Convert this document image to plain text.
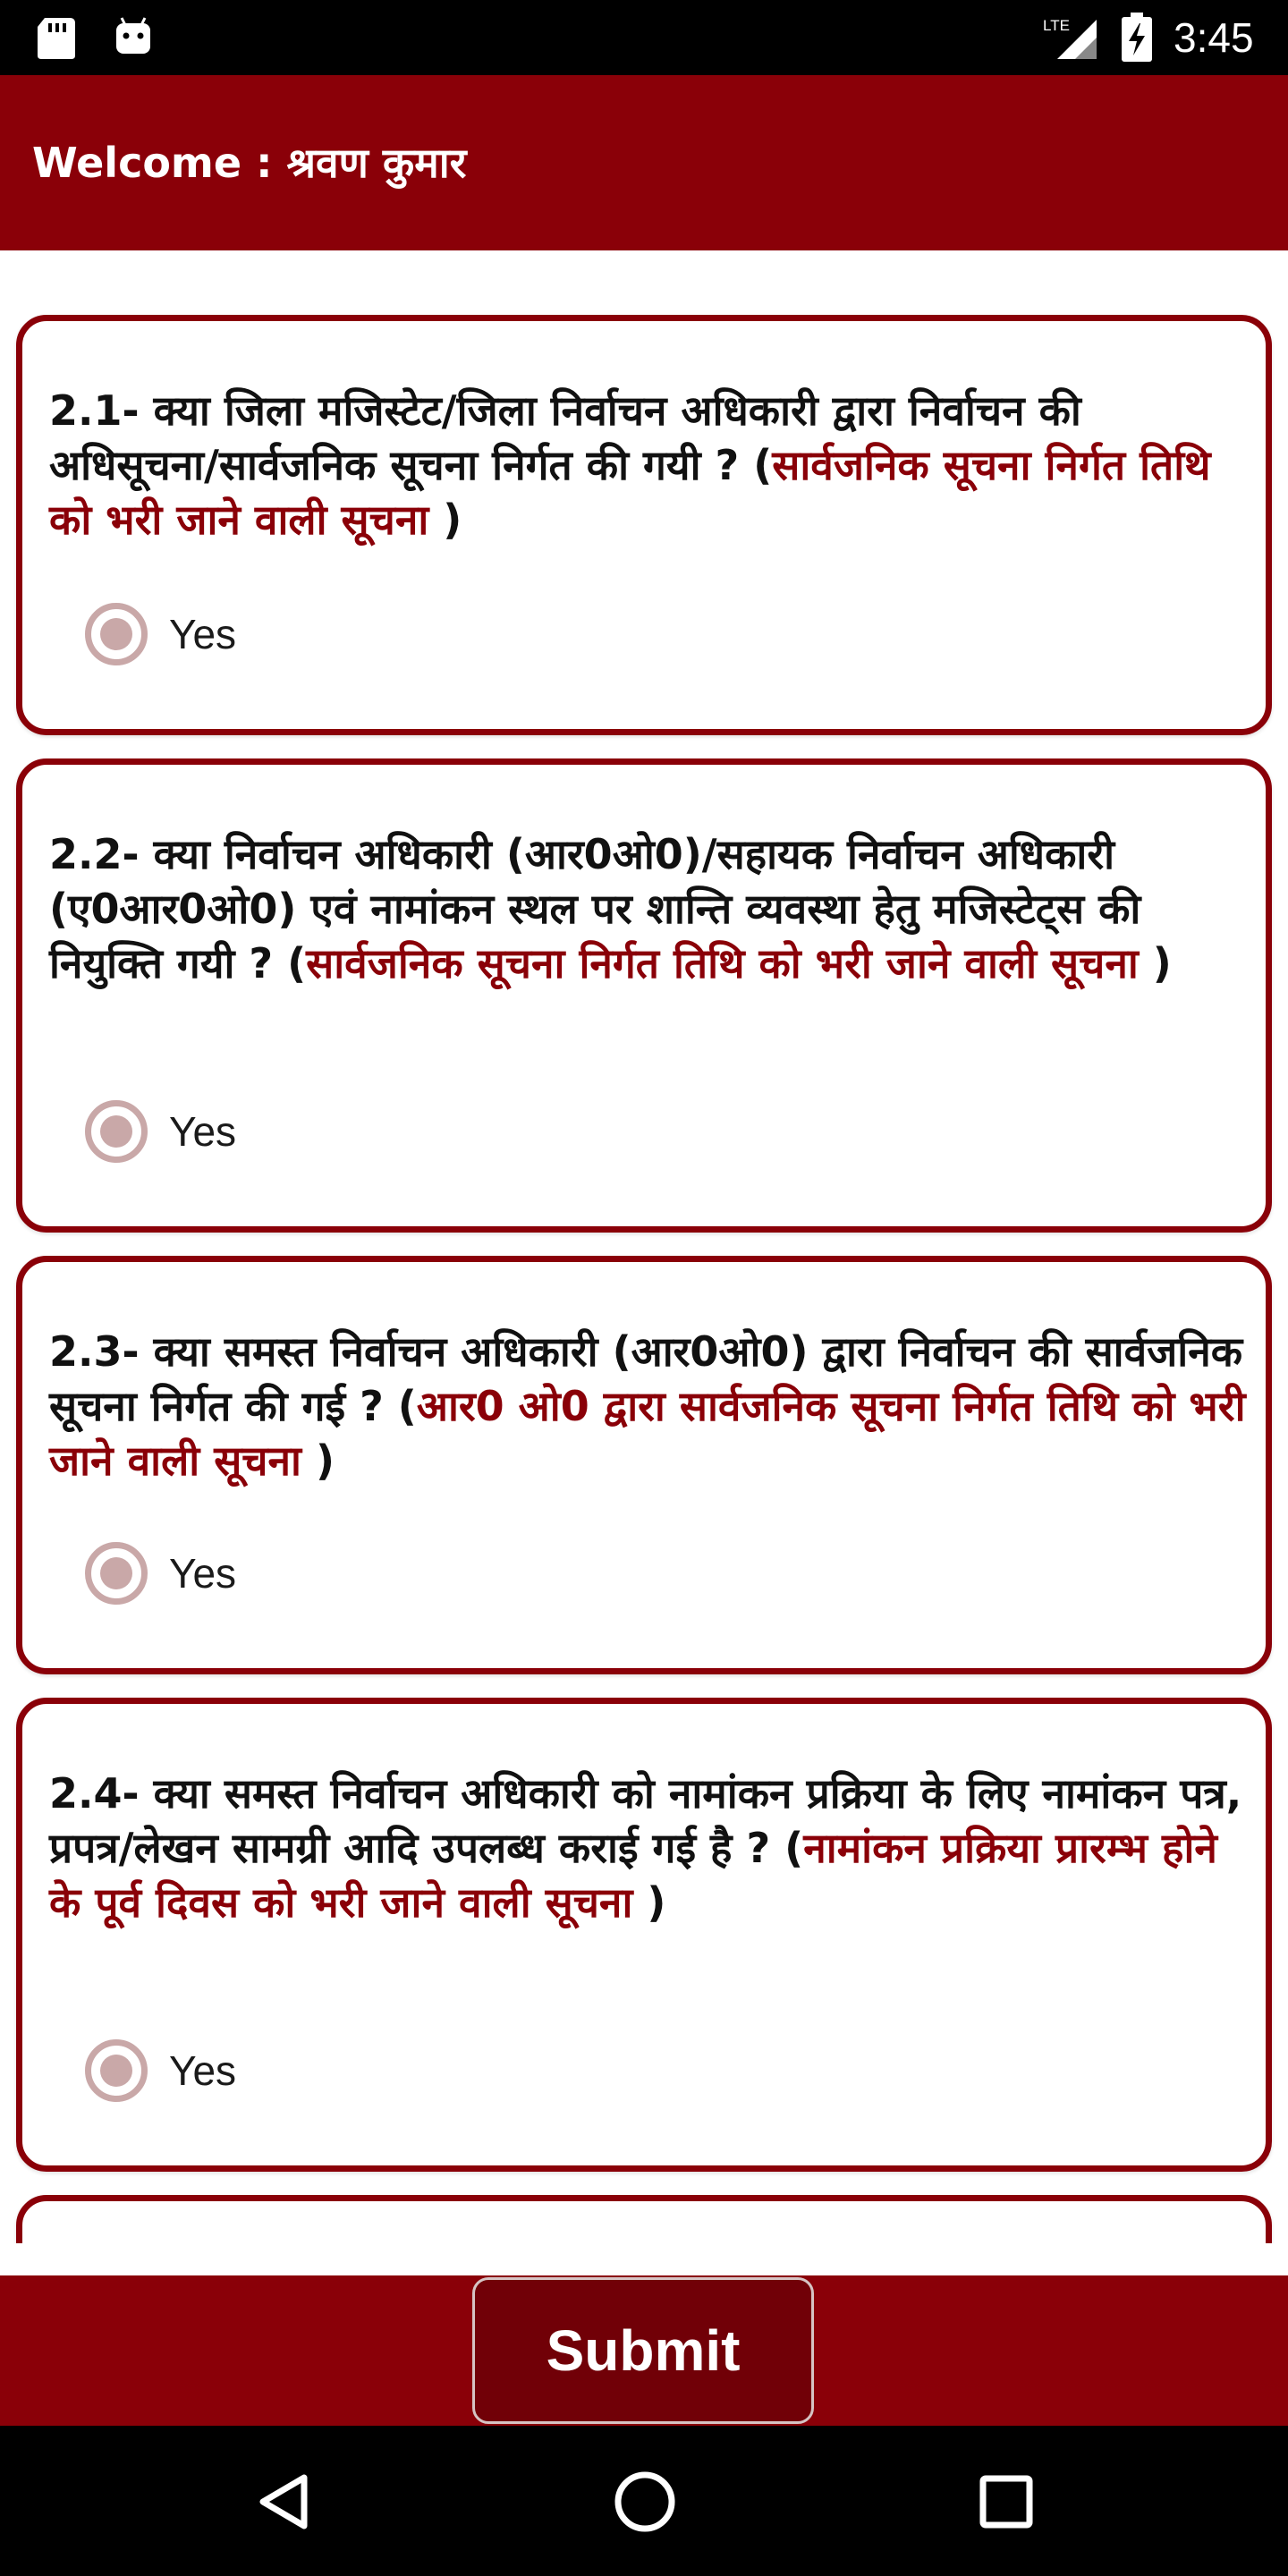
LTE	3:45
Welcome : श्रवण कुमार
2.1- क्या जिला मजिस्टेट/जिला निर्वाचन अधिकारी द्वारा निर्वाचन की अधिसूचना/सार्वजनिक सूचना निर्गत की गयी ? (सार्वजनिक सूचना निर्गत तिथि को भरी जाने वाली सूचना )
Yes
2.2- क्या निर्वाचन अधिकारी (आर0ओ0)/सहायक निर्वाचन अधिकारी (ए0आर0ओ0) एवं नामांकन स्थल पर शान्ति व्यवस्था हेतु मजिस्टेट्स की नियुक्ति गयी ? (सार्वजनिक सूचना निर्गत तिथि को भरी जाने वाली सूचना )
Yes
2.3- क्या समस्त निर्वाचन अधिकारी (आर0ओ0) द्वारा निर्वाचन की सार्वजनिक सूचना निर्गत की गई ? (आर0 ओ0 द्वारा सार्वजनिक सूचना निर्गत तिथि को भरी जाने वाली सूचना )
Yes
2.4- क्या समस्त निर्वाचन अधिकारी को नामांकन प्रक्रिया के लिए नामांकन पत्र, प्रपत्र/लेखन सामग्री आदि उपलब्ध कराई गई है ? (नामांकन प्रक्रिया प्रारम्भ होने के पूर्व दिवस को भरी जाने वाली सूचना )
Yes
Submit
